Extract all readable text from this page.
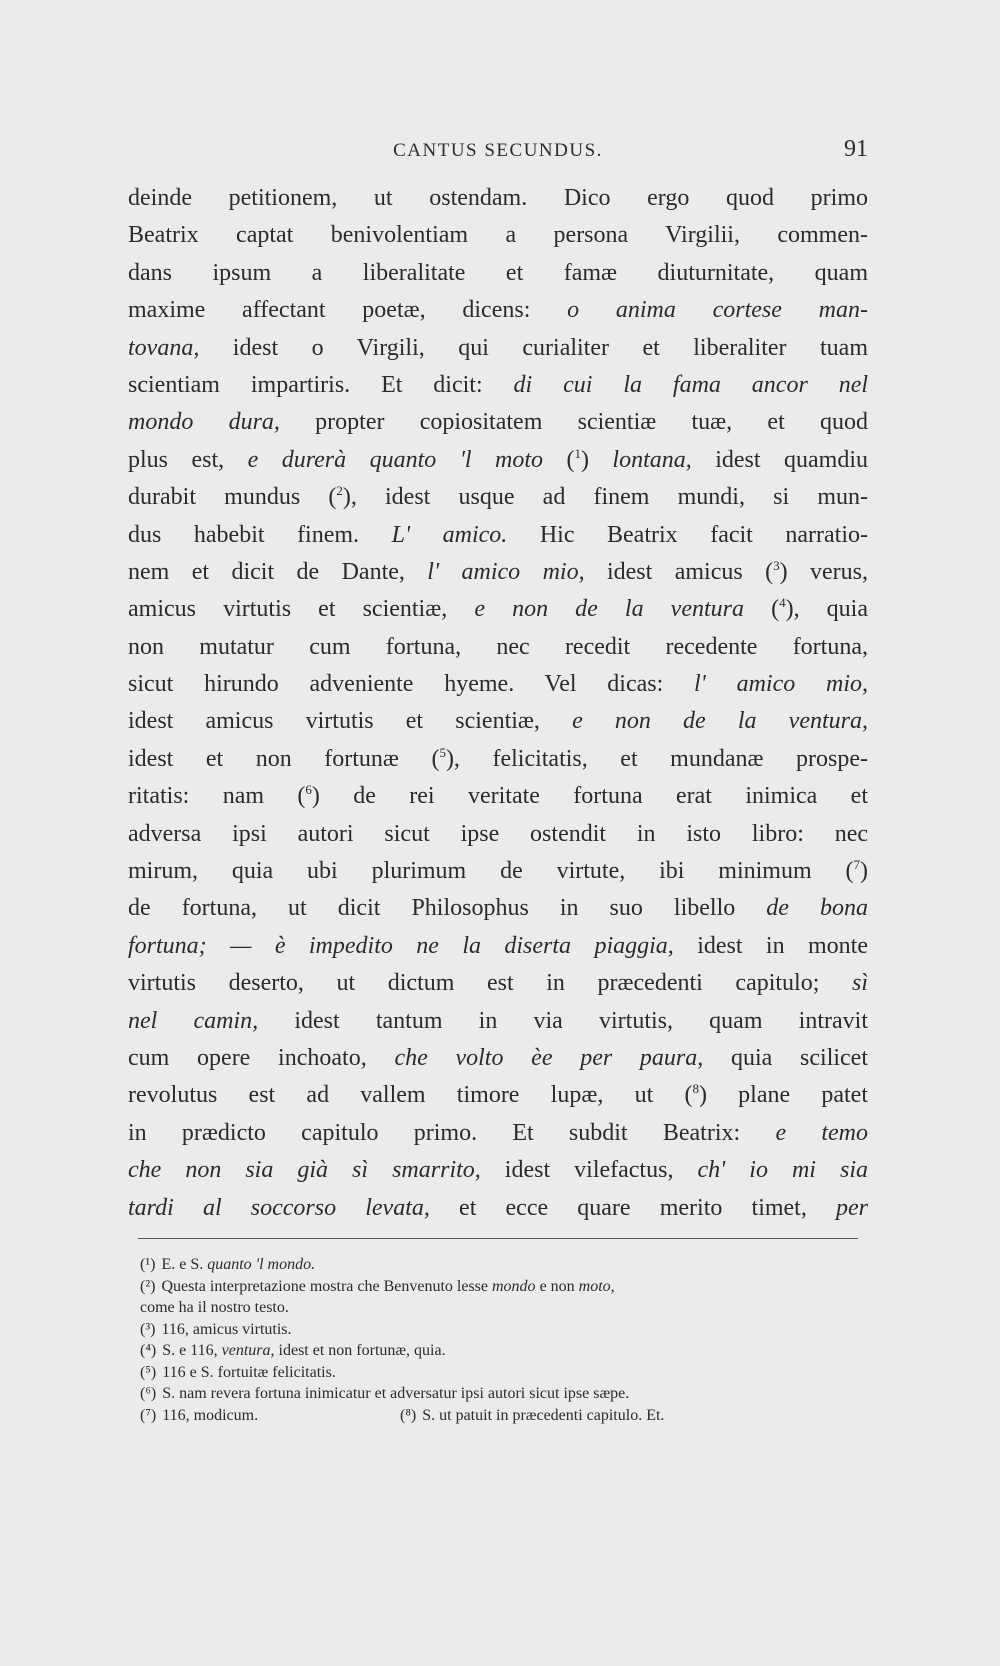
CANTUS SECUNDUS.	91
deinde petitionem, ut ostendam. Dico ergo quod primo
Beatrix captat benivolentiam a persona Virgilii, commen-
dans ipsum a liberalitate et famæ diuturnitate, quam
maxime affectant poetæ, dicens: o anima cortese man-
tovana, idest o Virgili, qui curialiter et liberaliter tuam
scientiam impartiris. Et dicit: di cui la fama ancor nel
mondo dura, propter copiositatem scientiæ tuæ, et quod
plus est, e durerà quanto 'l moto ($^1$) lontana, idest quamdiu
durabit mundus ($^2$), idest usque ad finem mundi, si mun-
dus habebit finem. L' amico. Hic Beatrix facit narratio-
nem et dicit de Dante, l' amico mio, idest amicus ($^3$) verus,
amicus virtutis et scientiæ, e non de la ventura ($^4$), quia
non mutatur cum fortuna, nec recedit recedente fortuna,
sicut hirundo adveniente hyeme. Vel dicas: l' amico mio,
idest amicus virtutis et scientiæ, e non de la ventura,
idest et non fortunæ ($^5$), felicitatis, et mundanæ prospe-
ritatis: nam ($^6$) de rei veritate fortuna erat inimica et
adversa ipsi autori sicut ipse ostendit in isto libro: nec
mirum, quia ubi plurimum de virtute, ibi minimum ($^7$)
de fortuna, ut dicit Philosophus in suo libello de bona
fortuna; — è impedito ne la diserta piaggia, idest in monte
virtutis deserto, ut dictum est in præcedenti capitulo; sì
nel camin, idest tantum in via virtutis, quam intravit
cum opere inchoato, che volto èe per paura, quia scilicet
revolutus est ad vallem timore lupæ, ut ($^8$) plane patet
in prædicto capitulo primo. Et subdit Beatrix: e temo
che non sia già sì smarrito, idest vilefactus, ch' io mi sia
tardi al soccorso levata, et ecce quare merito timet, per
(¹) E. e S. quanto 'l mondo.
(²) Questa interpretazione mostra che Benvenuto lesse mondo e non moto,
come ha il nostro testo.
(³) 116, amicus virtutis.
(⁴) S. e 116, ventura, idest et non fortunæ, quia.
(⁵) 116 e S. fortuitæ felicitatis.
(⁶) S. nam revera fortuna inimicatur et adversatur ipsi autori sicut ipse sæpe.
(⁷) 116, modicum.	(⁸) S. ut patuit in præcedenti capitulo. Et.
